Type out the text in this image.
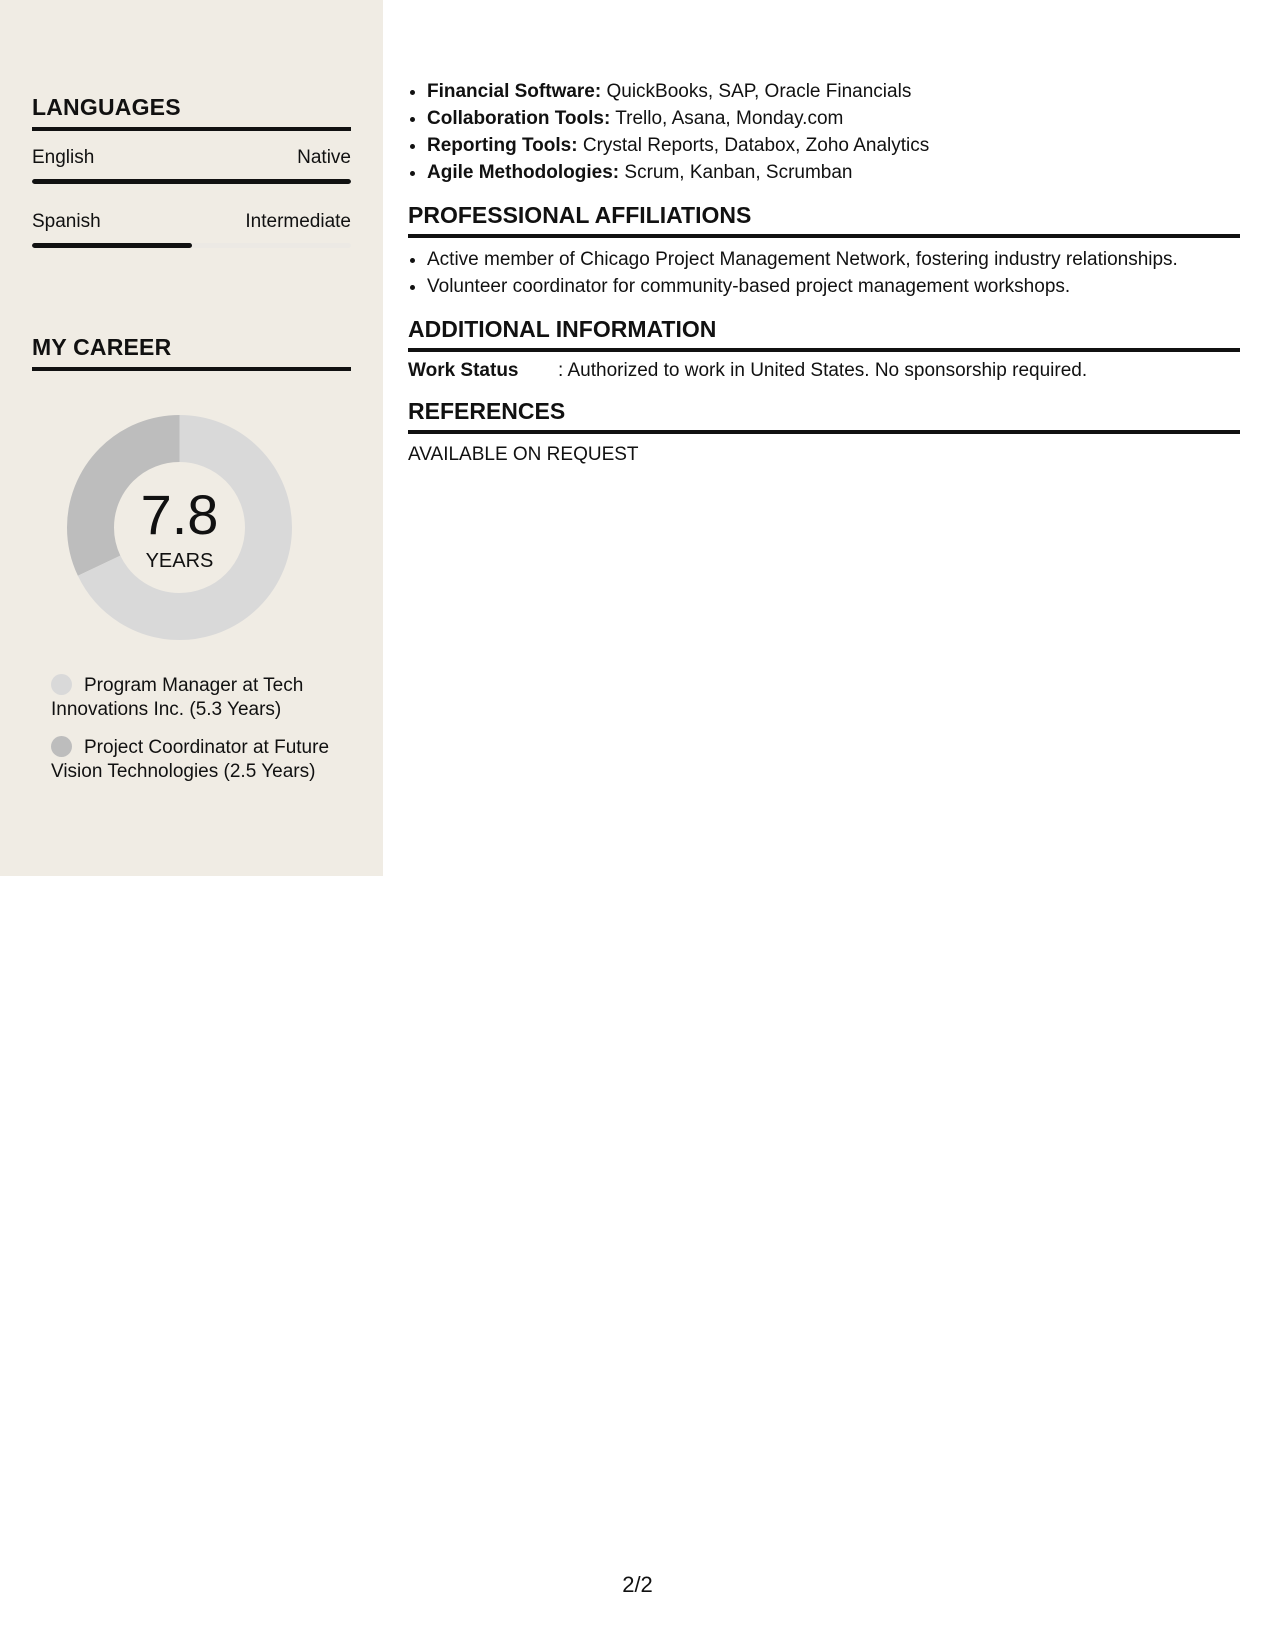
LANGUAGES
English	Native
Spanish	Intermediate
MY CAREER
7.8
YEARS
Program Manager at Tech Innovations Inc. (5.3 Years)
Project Coordinator at Future Vision Technologies (2.5 Years)
• Financial Software: QuickBooks, SAP, Oracle Financials
• Collaboration Tools: Trello, Asana, Monday.com
• Reporting Tools: Crystal Reports, Databox, Zoho Analytics
• Agile Methodologies: Scrum, Kanban, Scrumban
PROFESSIONAL AFFILIATIONS
• Active member of Chicago Project Management Network, fostering industry relationships.
• Volunteer coordinator for community-based project management workshops.
ADDITIONAL INFORMATION
Work Status	: Authorized to work in United States. No sponsorship required.
REFERENCES
AVAILABLE ON REQUEST
2/2
